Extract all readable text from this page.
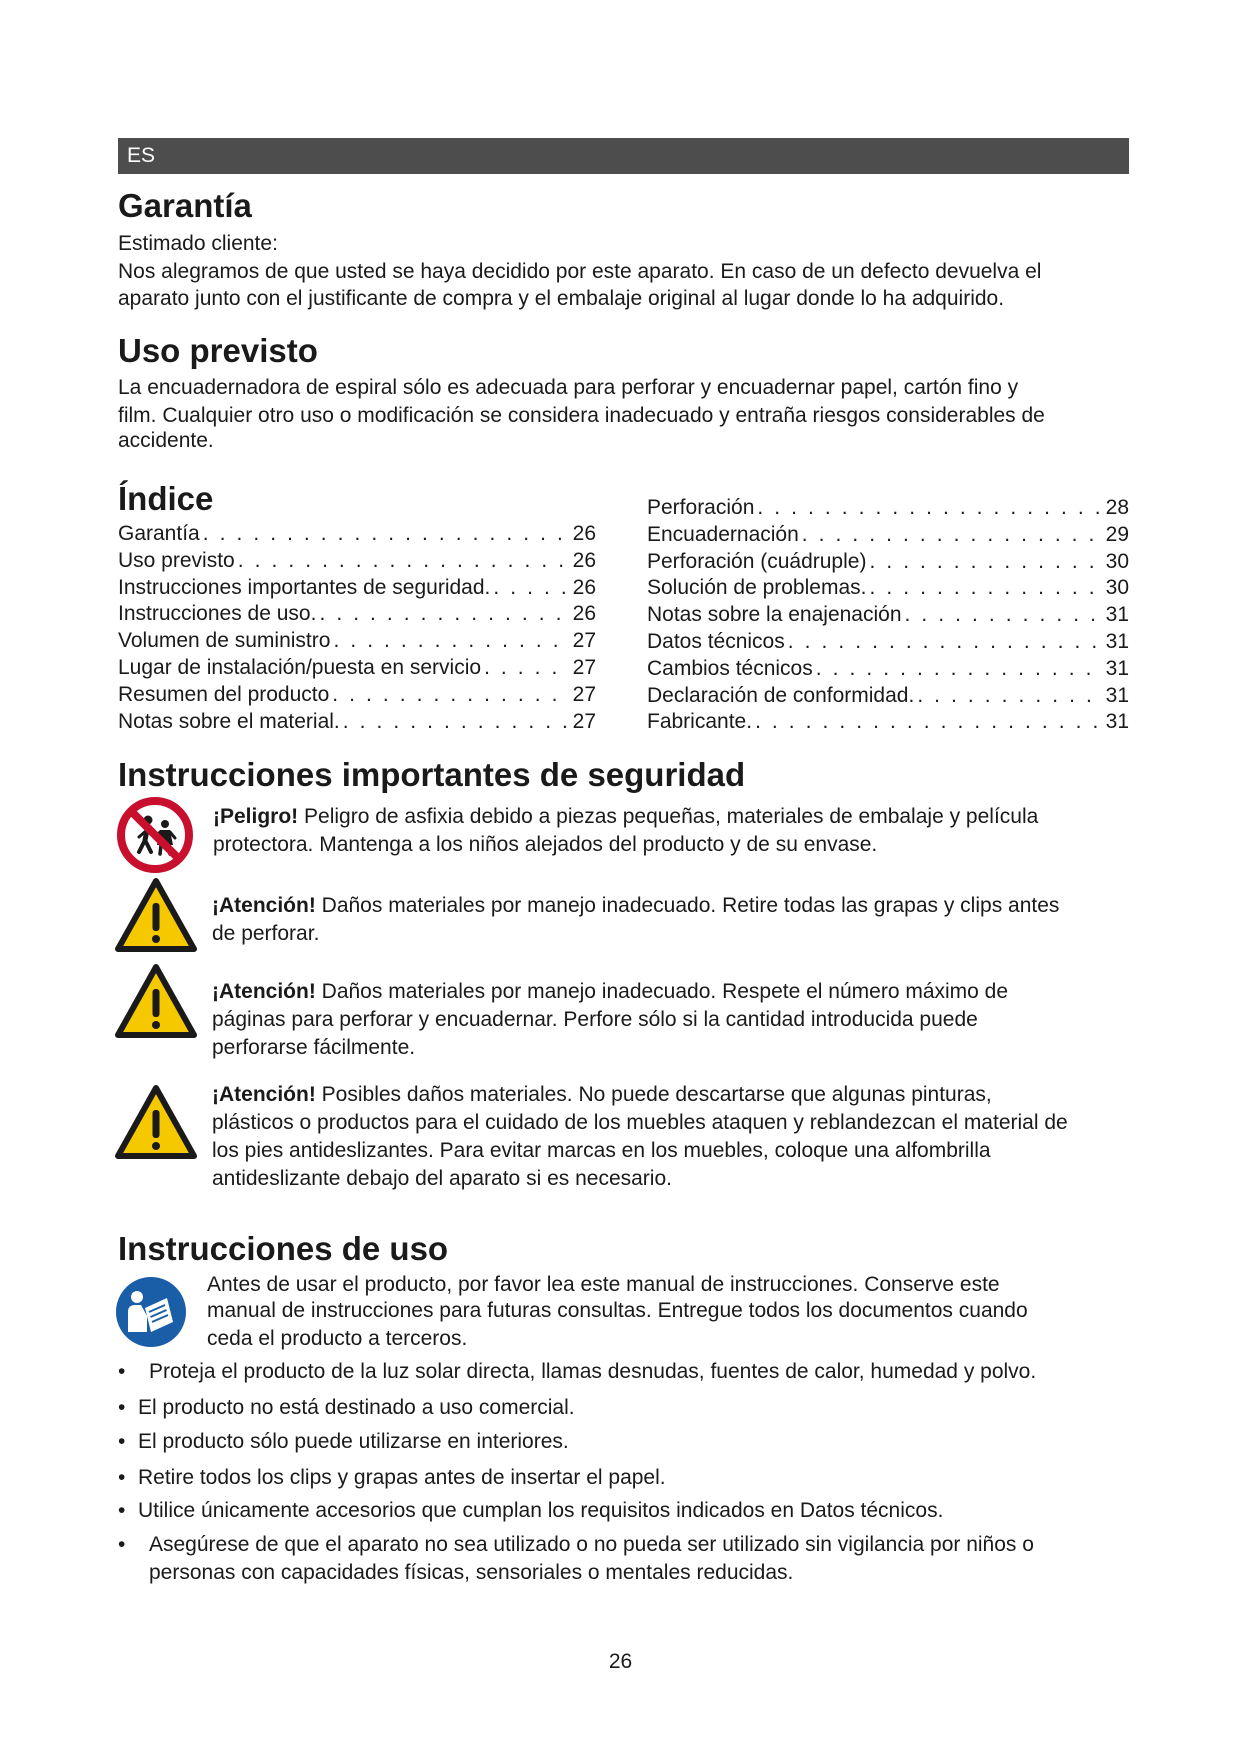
ES
Garantía

Estimado cliente:

Nos alegramos de que usted se haya decidido por este aparato. En caso de un defecto devuelva el

aparato junto con el justificante de compra y el embalaje original al lugar donde lo ha adquirido.

Uso previsto

La encuadernadora de espiral sólo es adecuada para perforar y encuadernar papel, cartón fino y

film. Cualquier otro uso o modificación se considera inadecuado y entraña riesgos considerables de

accidente.

Índice
Garantía . . .	26
Uso previsto . . .	26
Instrucciones importantes de seguridad. . . .	26
Instrucciones de uso. . . .	26
Volumen de suministro . . .	27
Lugar de instalación/puesta en servicio . . .	27
Resumen del producto . . .	27
Notas sobre el material. . . .	27
Perforación . . .	28
Encuadernación . . .	29
Perforación (cuádruple) . . .	30
Solución de problemas. . . .	30
Notas sobre la enajenación . . .	31
Datos técnicos . . .	31
Cambios técnicos . . .	31
Declaración de conformidad. . . .	31
Fabricante. . . .	31
Instrucciones importantes de seguridad

¡Peligro! Peligro de asfixia debido a piezas pequeñas, materiales de embalaje y película

protectora. Mantenga a los niños alejados del producto y de su envase.

¡Atención! Daños materiales por manejo inadecuado. Retire todas las grapas y clips antes

de perforar.

¡Atención! Daños materiales por manejo inadecuado. Respete el número máximo de

páginas para perforar y encuadernar. Perfore sólo si la cantidad introducida puede

perforarse fácilmente.

¡Atención! Posibles daños materiales. No puede descartarse que algunas pinturas,

plásticos o productos para el cuidado de los muebles ataquen y reblandezcan el material de

los pies antideslizantes. Para evitar marcas en los muebles, coloque una alfombrilla

antideslizante debajo del aparato si es necesario.

Instrucciones de uso

Antes de usar el producto, por favor lea este manual de instrucciones. Conserve este

manual de instrucciones para futuras consultas. Entregue todos los documentos cuando

ceda el producto a terceros.

• Proteja el producto de la luz solar directa, llamas desnudas, fuentes de calor, humedad y polvo.
• El producto no está destinado a uso comercial.
• El producto sólo puede utilizarse en interiores.
• Retire todos los clips y grapas antes de insertar el papel.
• Utilice únicamente accesorios que cumplan los requisitos indicados en Datos técnicos.
• Asegúrese de que el aparato no sea utilizado o no pueda ser utilizado sin vigilancia por niños o
personas con capacidades físicas, sensoriales o mentales reducidas.
26
